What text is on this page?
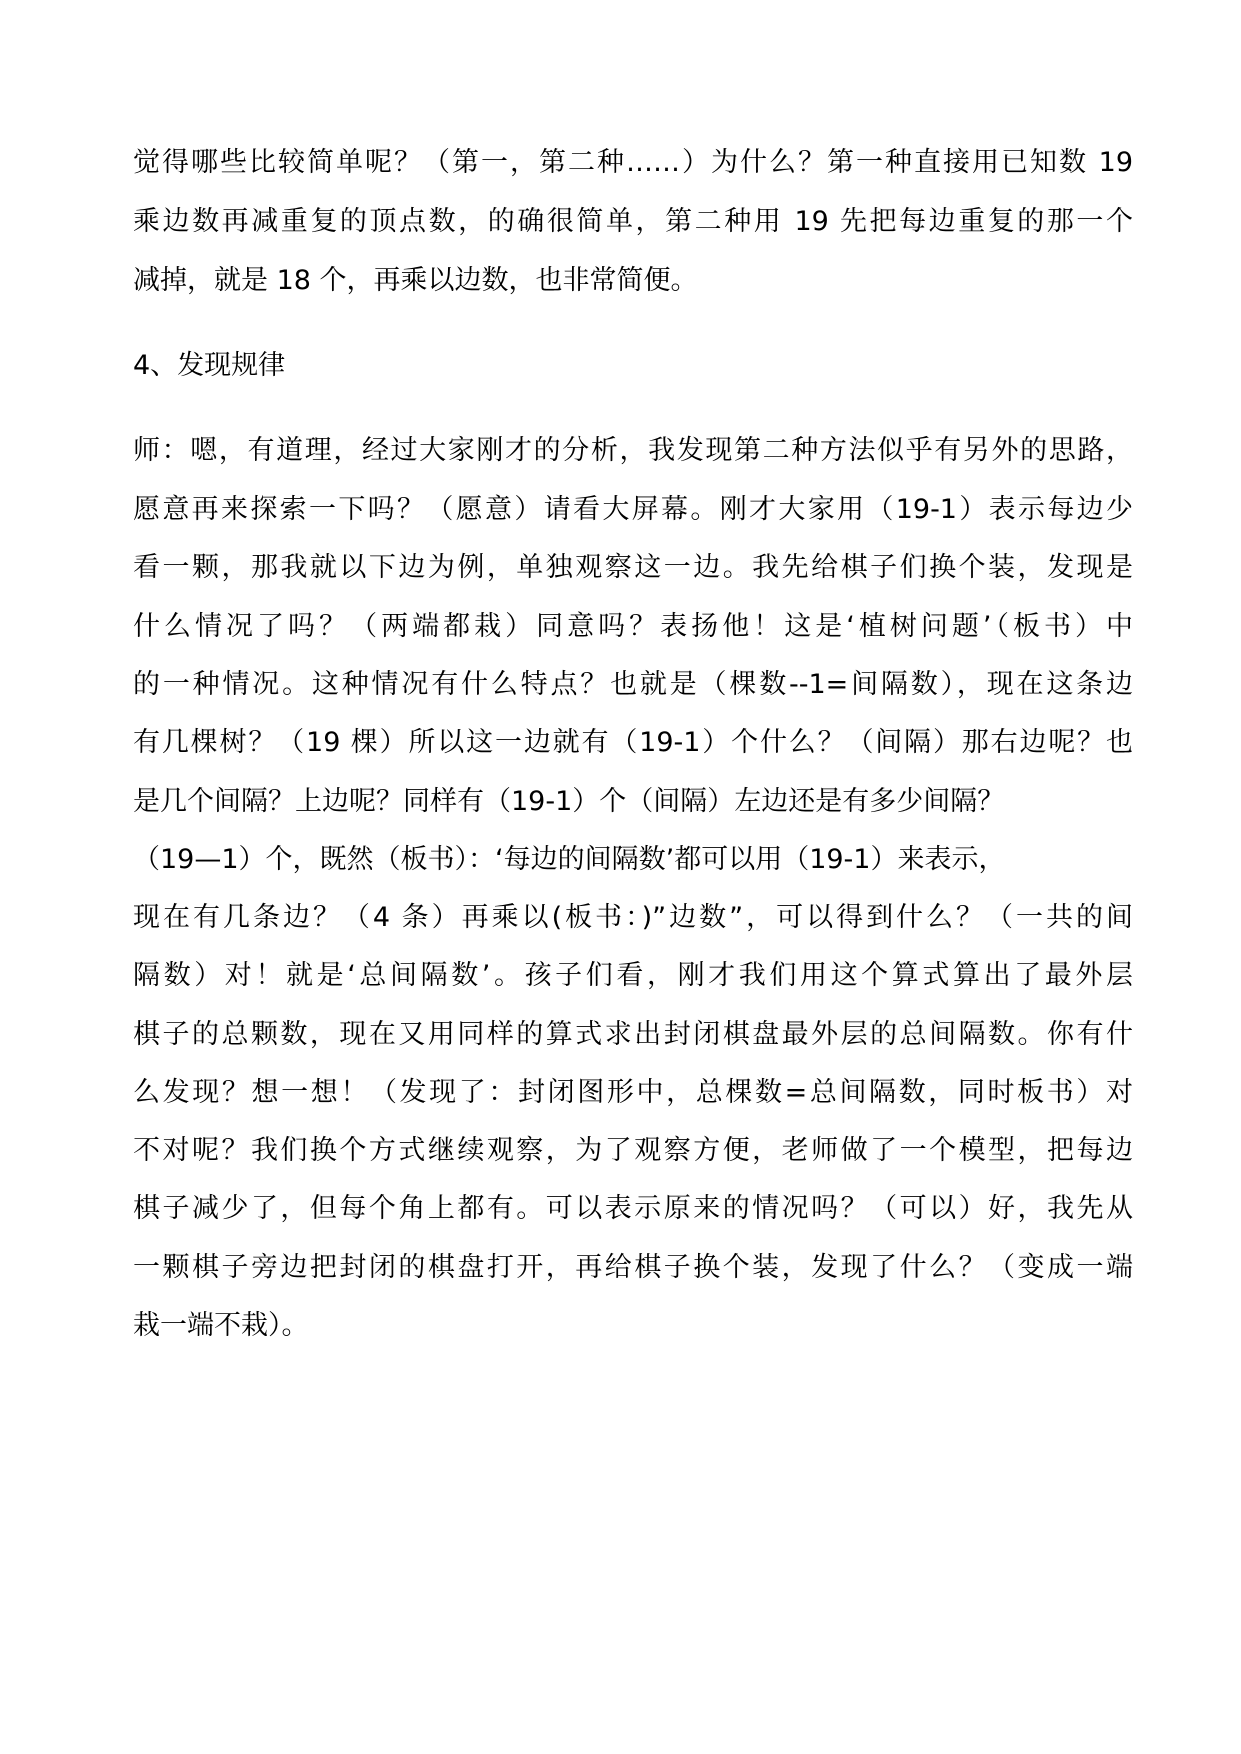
觉得哪些比较简单呢？（第一，第二种……）为什么？第一种直接用已知数 19
乘边数再减重复的顶点数，的确很简单，第二种用 19 先把每边重复的那一个
减掉，就是 18 个，再乘以边数，也非常简便。
4、发现规律
师：嗯，有道理，经过大家刚才的分析，我发现第二种方法似乎有另外的思路，
愿意再来探索一下吗？（愿意）请看大屏幕。刚才大家用（19-1）表示每边少
看一颗，那我就以下边为例，单独观察这一边。我先给棋子们换个装，发现是
什么情况了吗？（两端都栽）同意吗？表扬他！这是‘植树问题’（板书）中
的一种情况。这种情况有什么特点？也就是（棵数--1=间隔数），现在这条边
有几棵树？（19 棵）所以这一边就有（19-1）个什么？（间隔）那右边呢？也
是几个间隔？上边呢？同样有（19-1）个（间隔）左边还是有多少间隔？
（19—1）个，既然（板书）：‘每边的间隔数’都可以用（19-1）来表示，
现在有几条边？（4 条）再乘以(板书：)”边数”，可以得到什么？（一共的间
隔数）对！就是‘总间隔数’。孩子们看，刚才我们用这个算式算出了最外层
棋子的总颗数，现在又用同样的算式求出封闭棋盘最外层的总间隔数。你有什
么发现？想一想！（发现了：封闭图形中，总棵数=总间隔数，同时板书）对
不对呢？我们换个方式继续观察，为了观察方便，老师做了一个模型，把每边
棋子减少了，但每个角上都有。可以表示原来的情况吗？（可以）好，我先从
一颗棋子旁边把封闭的棋盘打开，再给棋子换个装，发现了什么？（变成一端
栽一端不栽）。
